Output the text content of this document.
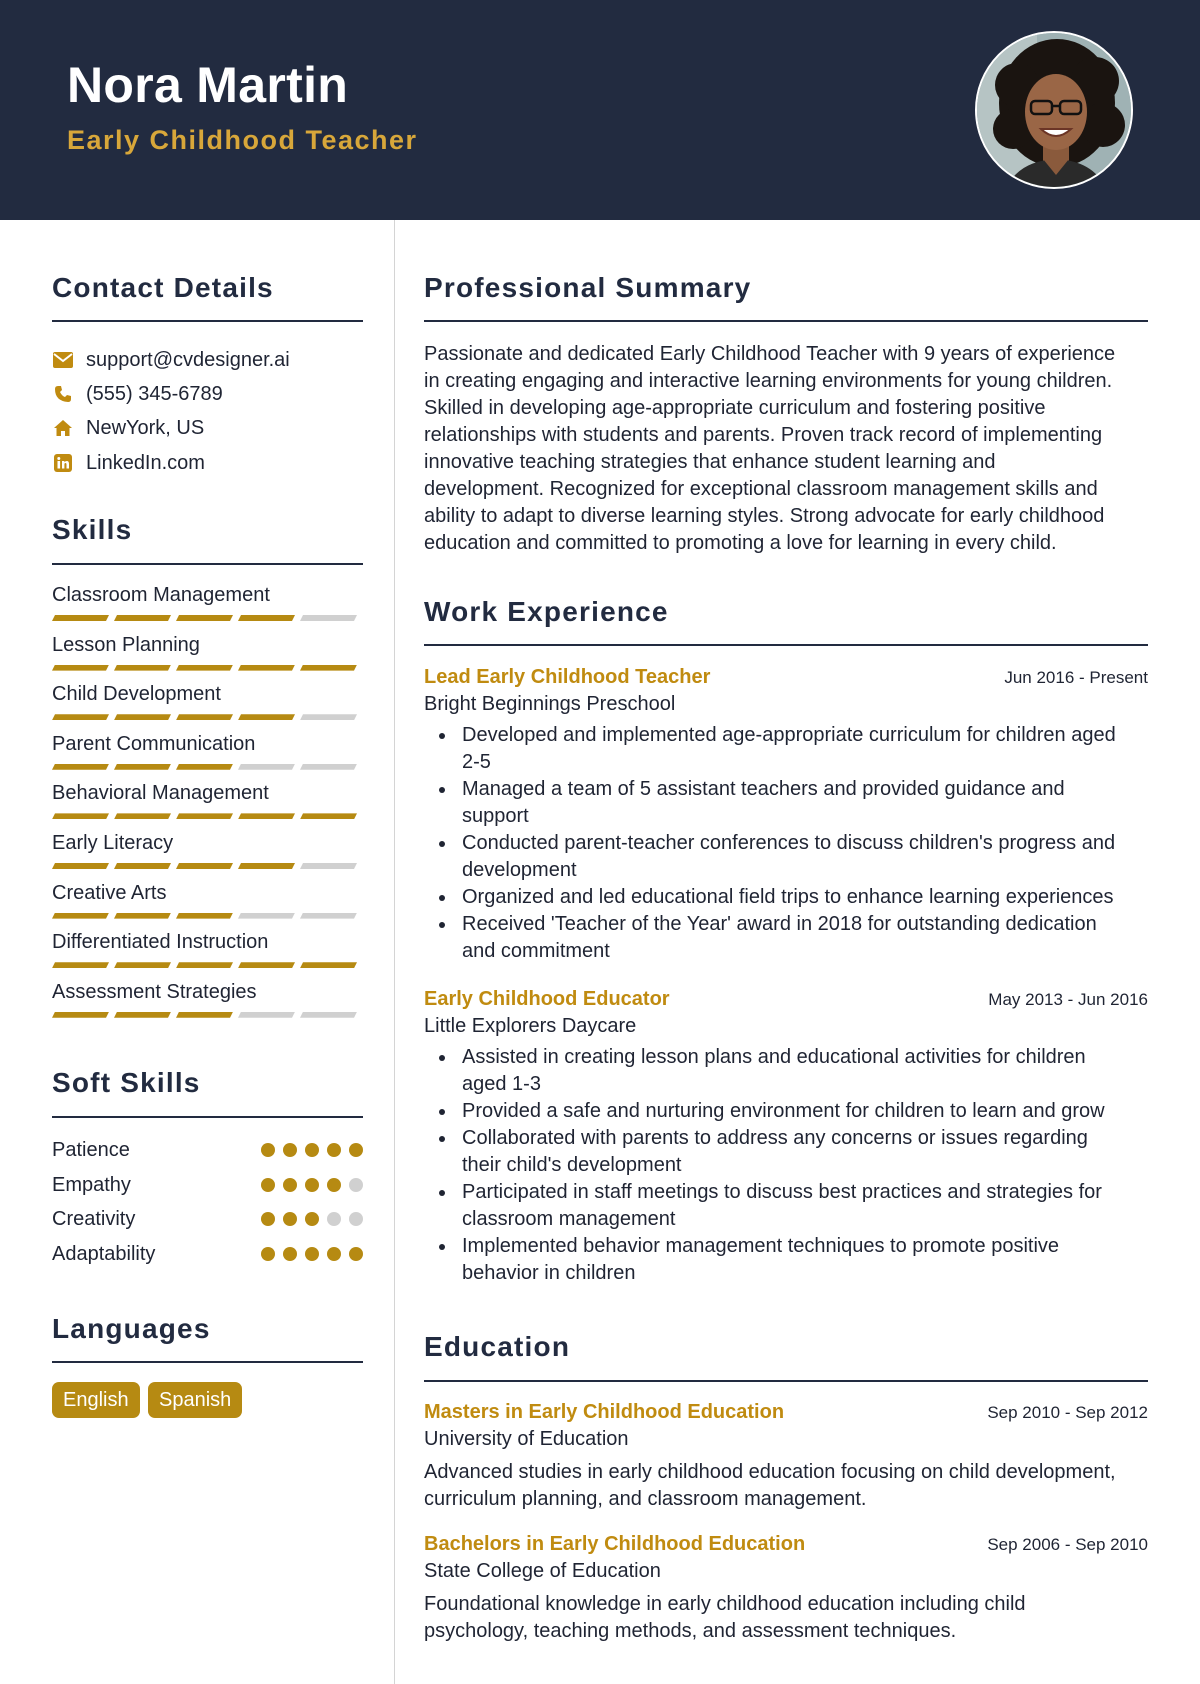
Nora Martin
Early Childhood Teacher
Contact Details
support@cvdesigner.ai
(555) 345-6789
NewYork, US
LinkedIn.com
Skills
Classroom Management
Lesson Planning
Child Development
Parent Communication
Behavioral Management
Early Literacy
Creative Arts
Differentiated Instruction
Assessment Strategies
Soft Skills
Patience
Empathy
Creativity
Adaptability
Languages
English	Spanish
Professional Summary
Passionate and dedicated Early Childhood Teacher with 9 years of experience
in creating engaging and interactive learning environments for young children.
Skilled in developing age-appropriate curriculum and fostering positive
relationships with students and parents. Proven track record of implementing
innovative teaching strategies that enhance student learning and
development. Recognized for exceptional classroom management skills and
ability to adapt to diverse learning styles. Strong advocate for early childhood
education and committed to promoting a love for learning in every child.
Work Experience
Lead Early Childhood Teacher	Jun 2016 - Present
Bright Beginnings Preschool
Developed and implemented age-appropriate curriculum for children aged
2-5
Managed a team of 5 assistant teachers and provided guidance and
support
Conducted parent-teacher conferences to discuss children's progress and
development
Organized and led educational field trips to enhance learning experiences
Received 'Teacher of the Year' award in 2018 for outstanding dedication
and commitment
Early Childhood Educator	May 2013 - Jun 2016
Little Explorers Daycare
Assisted in creating lesson plans and educational activities for children
aged 1-3
Provided a safe and nurturing environment for children to learn and grow
Collaborated with parents to address any concerns or issues regarding
their child's development
Participated in staff meetings to discuss best practices and strategies for
classroom management
Implemented behavior management techniques to promote positive
behavior in children
Education
Masters in Early Childhood Education	Sep 2010 - Sep 2012
University of Education
Advanced studies in early childhood education focusing on child development,
curriculum planning, and classroom management.
Bachelors in Early Childhood Education	Sep 2006 - Sep 2010
State College of Education
Foundational knowledge in early childhood education including child
psychology, teaching methods, and assessment techniques.
